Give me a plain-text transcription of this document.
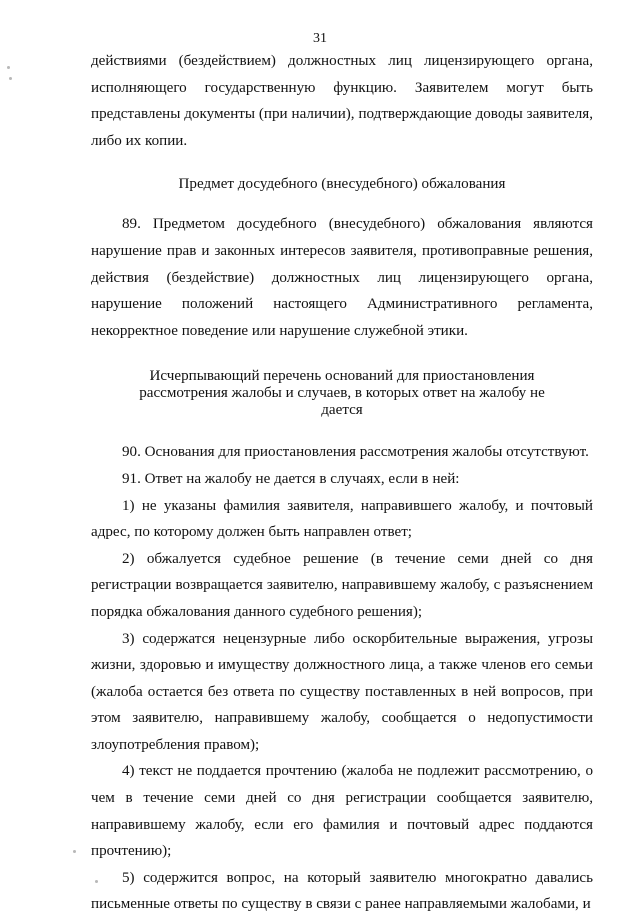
31

действиями (бездействием) должностных лиц лицензирующего органа, исполняющего государственную функцию. Заявителем могут быть представлены документы (при наличии), подтверждающие доводы заявителя, либо их копии.

Предмет досудебного (внесудебного) обжалования

89. Предметом досудебного (внесудебного) обжалования являются нарушение прав и законных интересов заявителя, противоправные решения, действия (бездействие) должностных лиц лицензирующего органа, нарушение положений настоящего Административного регламента, некорректное поведение или нарушение служебной этики.

Исчерпывающий перечень оснований для приостановления рассмотрения жалобы и случаев, в которых ответ на жалобу не дается

90. Основания для приостановления рассмотрения жалобы отсутствуют.

91. Ответ на жалобу не дается в случаях, если в ней:

1) не указаны фамилия заявителя, направившего жалобу, и почтовый адрес, по которому должен быть направлен ответ;

2) обжалуется судебное решение (в течение семи дней со дня регистрации возвращается заявителю, направившему жалобу, с разъяснением порядка обжалования данного судебного решения);

3) содержатся нецензурные либо оскорбительные выражения, угрозы жизни, здоровью и имуществу должностного лица, а также членов его семьи (жалоба остается без ответа по существу поставленных в ней вопросов, при этом заявителю, направившему жалобу, сообщается о недопустимости злоупотребления правом);

4) текст не поддается прочтению (жалоба не подлежит рассмотрению, о чем в течение семи дней со дня регистрации сообщается заявителю, направившему жалобу, если его фамилия и почтовый адрес поддаются прочтению);

5) содержится вопрос, на который заявителю многократно давались письменные ответы по существу в связи с ранее направляемыми жалобами, и
